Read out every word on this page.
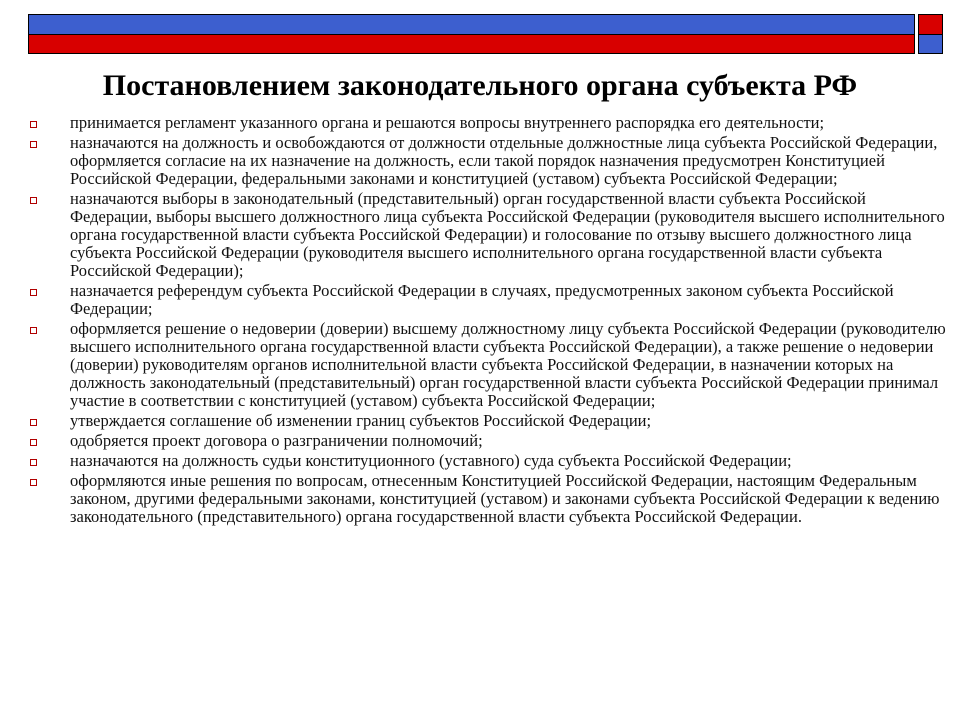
Постановлением законодательного органа субъекта РФ
принимается регламент указанного органа и решаются вопросы внутреннего распорядка его деятельности;
назначаются на должность и освобождаются от должности отдельные должностные лица субъекта Российской Федерации, оформляется согласие на их назначение на должность, если такой порядок назначения предусмотрен Конституцией Российской Федерации, федеральными законами и конституцией (уставом) субъекта Российской Федерации;
назначаются выборы в законодательный (представительный) орган государственной власти субъекта Российской Федерации, выборы высшего должностного лица субъекта Российской Федерации (руководителя высшего исполнительного органа государственной власти субъекта Российской Федерации) и голосование по отзыву высшего должностного лица субъекта Российской Федерации (руководителя высшего исполнительного органа государственной власти субъекта Российской Федерации);
назначается референдум субъекта Российской Федерации в случаях, предусмотренных законом субъекта Российской Федерации;
оформляется решение о недоверии (доверии) высшему должностному лицу субъекта Российской Федерации (руководителю высшего исполнительного органа государственной власти субъекта Российской Федерации), а также решение о недоверии (доверии) руководителям органов исполнительной власти субъекта Российской Федерации, в назначении которых на должность законодательный (представительный) орган государственной власти субъекта Российской Федерации принимал участие в соответствии с конституцией (уставом) субъекта Российской Федерации;
утверждается соглашение об изменении границ субъектов Российской Федерации;
одобряется проект договора о разграничении полномочий;
назначаются на должность судьи конституционного (уставного) суда субъекта Российской Федерации;
оформляются иные решения по вопросам, отнесенным Конституцией Российской Федерации, настоящим Федеральным законом, другими федеральными законами, конституцией (уставом) и законами субъекта Российской Федерации к ведению законодательного (представительного) органа государственной власти субъекта Российской Федерации.
